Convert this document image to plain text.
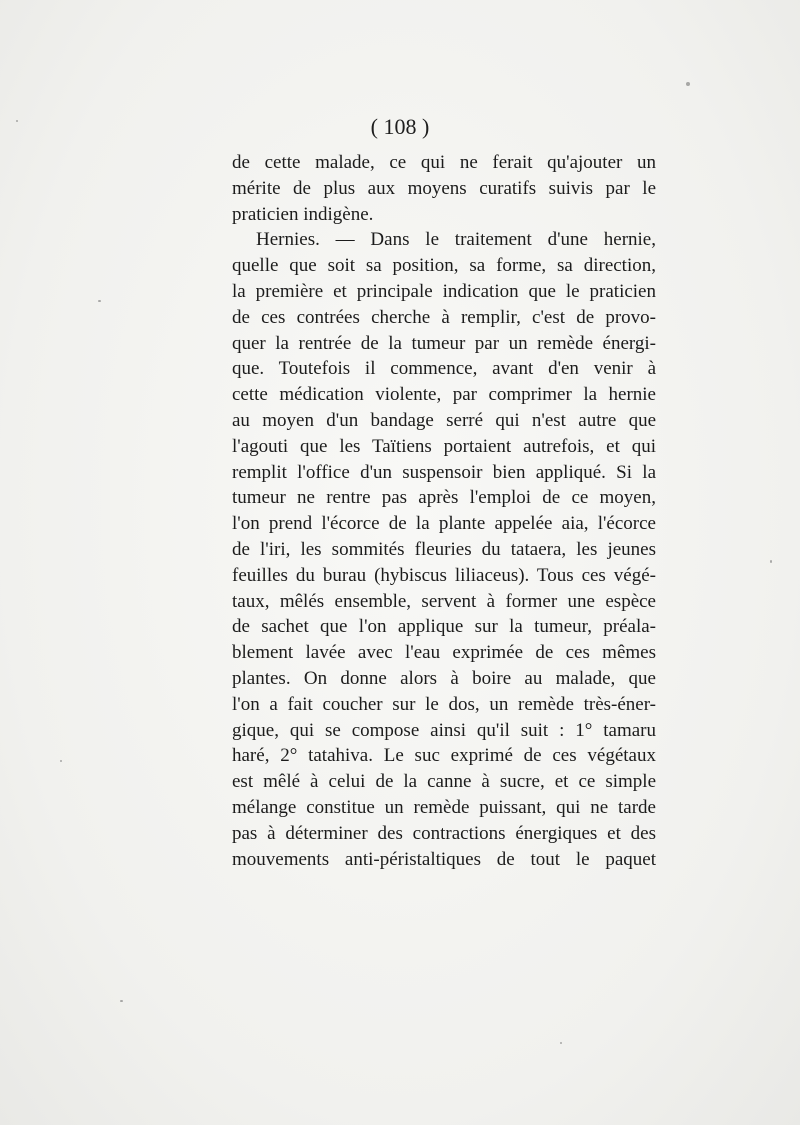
( 108 )
de cette malade, ce qui ne ferait qu'ajouter un
mérite de plus aux moyens curatifs suivis par le
praticien indigène.
Hernies. — Dans le traitement d'une hernie,
quelle que soit sa position, sa forme, sa direction,
la première et principale indication que le praticien
de ces contrées cherche à remplir, c'est de provo-
quer la rentrée de la tumeur par un remède énergi-
que. Toutefois il commence, avant d'en venir à
cette médication violente, par comprimer la hernie
au moyen d'un bandage serré qui n'est autre que
l'agouti que les Taïtiens portaient autrefois, et qui
remplit l'office d'un suspensoir bien appliqué. Si la
tumeur ne rentre pas après l'emploi de ce moyen,
l'on prend l'écorce de la plante appelée aia, l'écorce
de l'iri, les sommités fleuries du tataera, les jeunes
feuilles du burau (hybiscus liliaceus). Tous ces végé-
taux, mêlés ensemble, servent à former une espèce
de sachet que l'on applique sur la tumeur, préala-
blement lavée avec l'eau exprimée de ces mêmes
plantes. On donne alors à boire au malade, que
l'on a fait coucher sur le dos, un remède très-éner-
gique, qui se compose ainsi qu'il suit : 1° tamaru
haré, 2° tatahiva. Le suc exprimé de ces végétaux
est mêlé à celui de la canne à sucre, et ce simple
mélange constitue un remède puissant, qui ne tarde
pas à déterminer des contractions énergiques et des
mouvements anti-péristaltiques de tout le paquet
